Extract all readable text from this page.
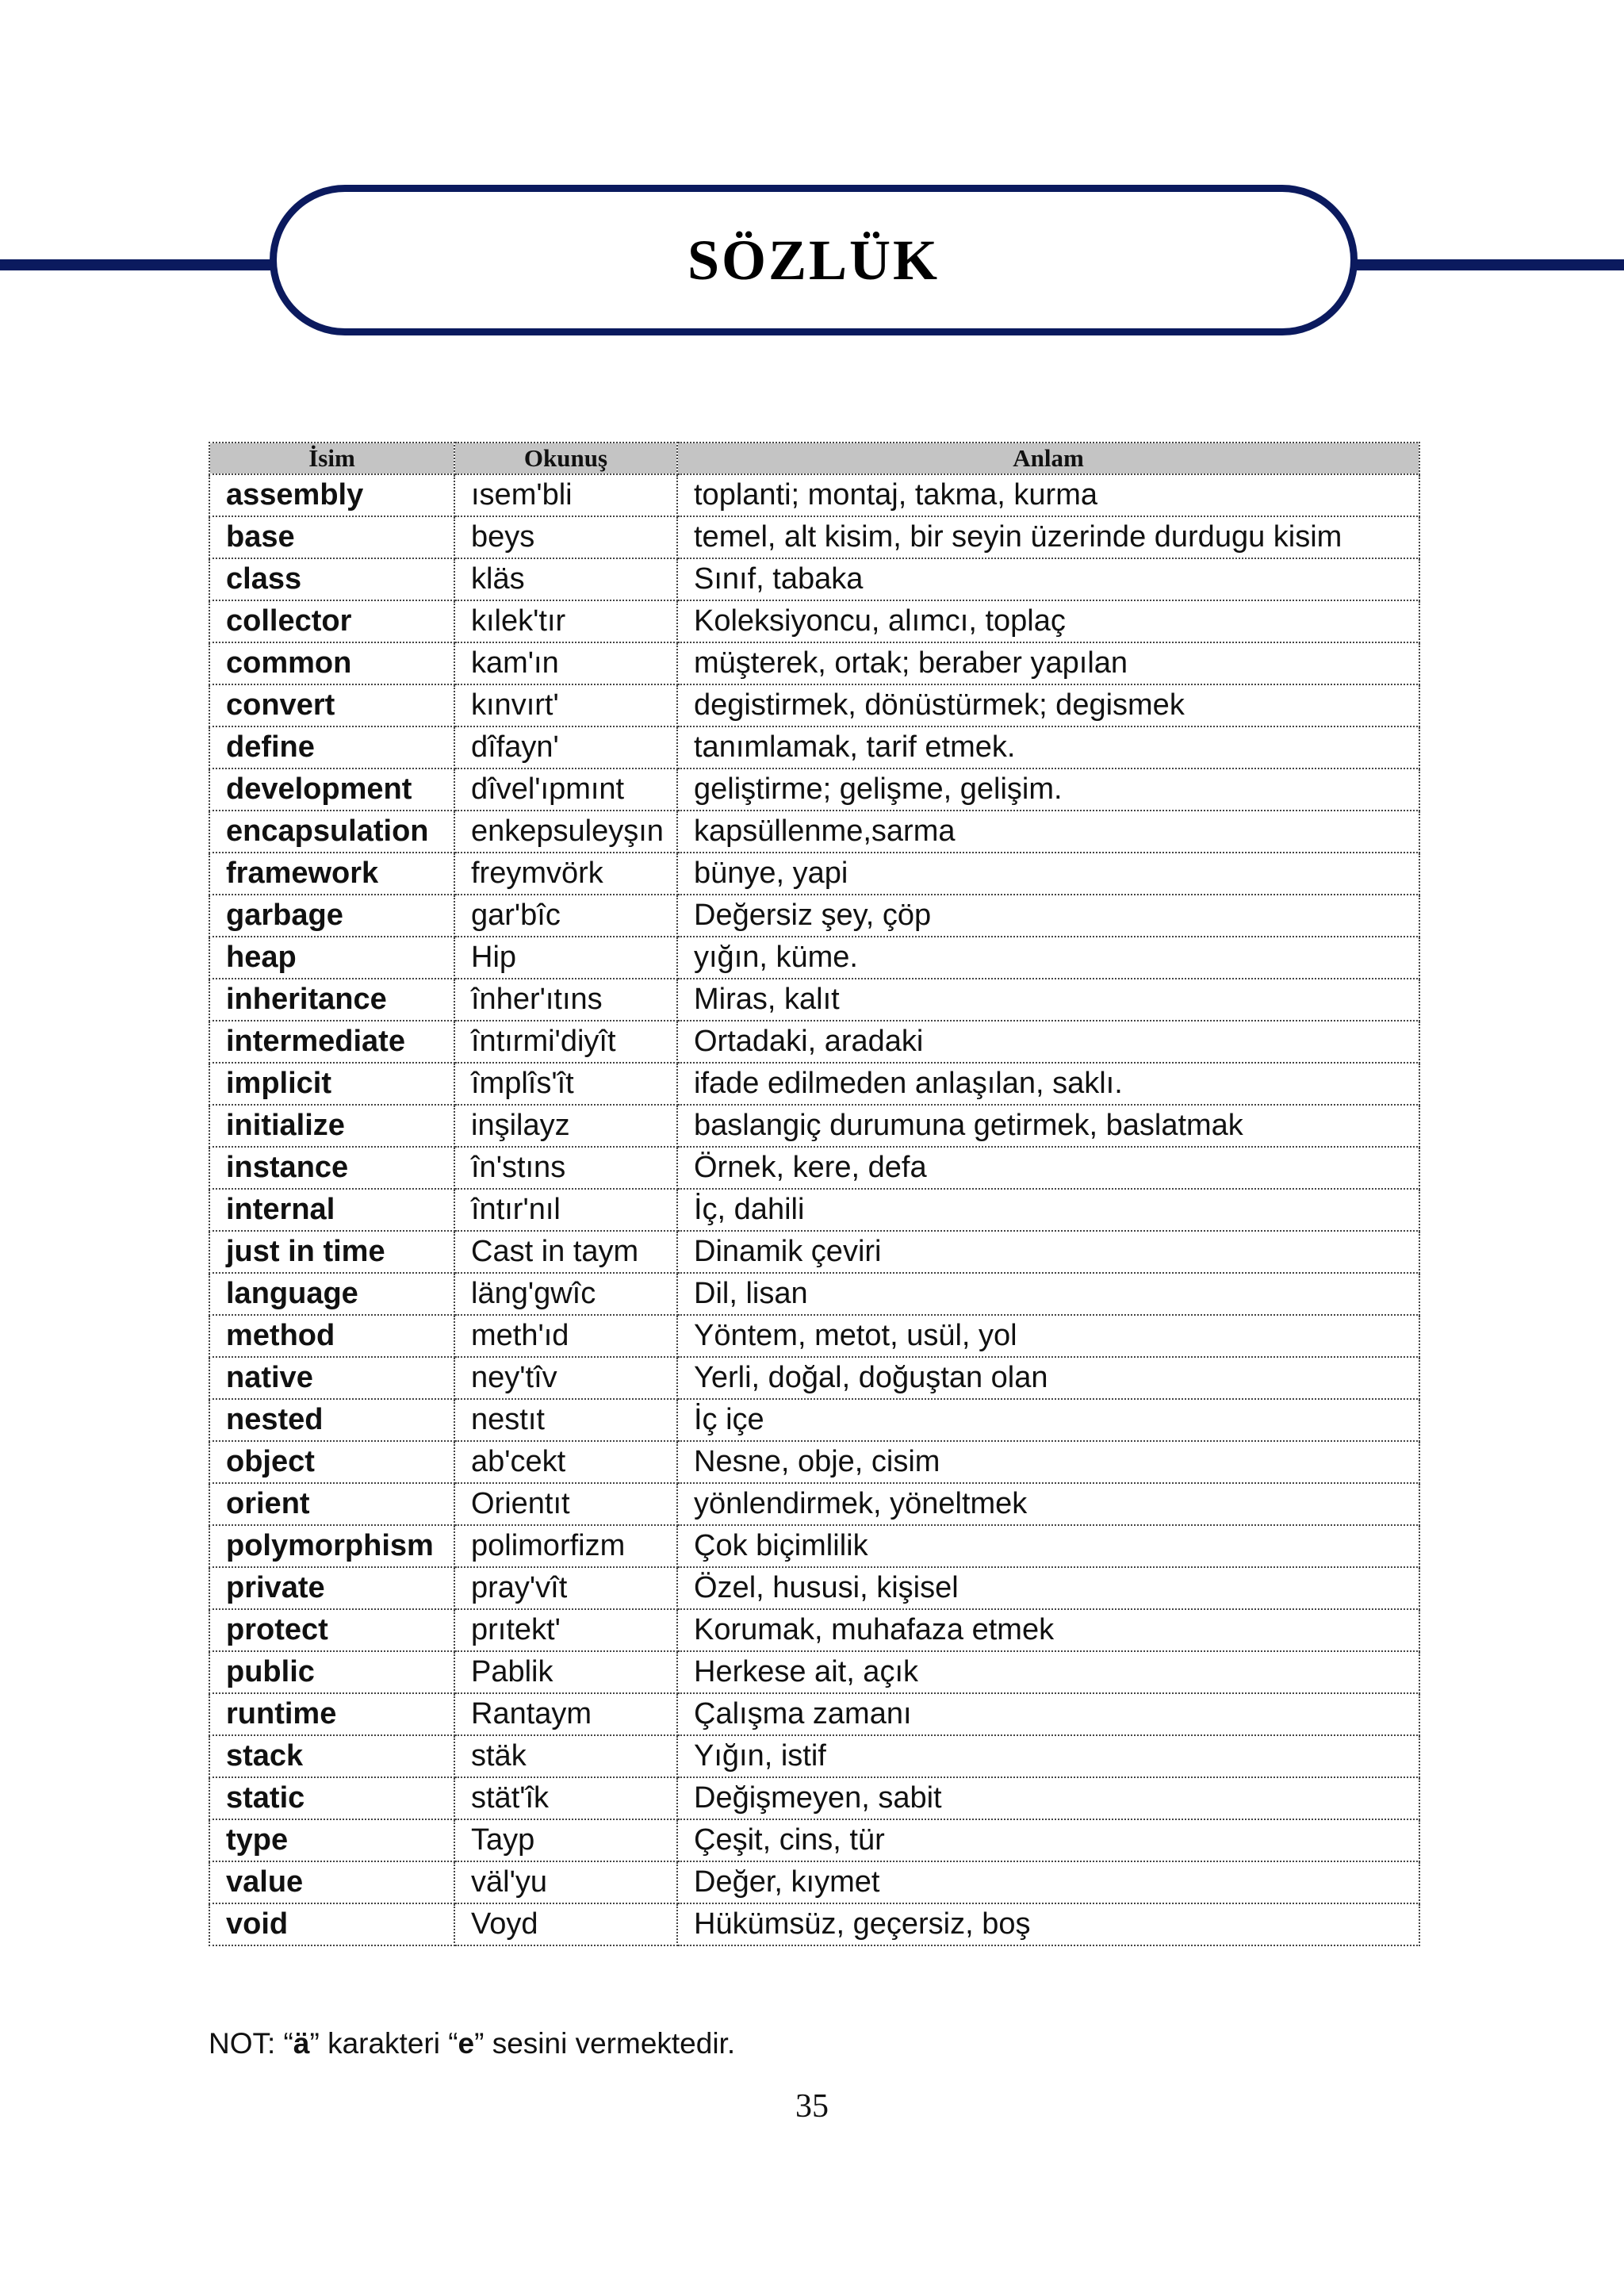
SÖZLÜK
İsim	Okunuş	Anlam
assembly	ısem'bli	toplanti; montaj, takma, kurma
base	beys	temel, alt kisim, bir seyin üzerinde durdugu kisim
class	kläs	Sınıf, tabaka
collector	kılek'tır	Koleksiyoncu, alımcı, toplaç
common	kam'ın	müşterek, ortak; beraber yapılan
convert	kınvırt'	degistirmek, dönüstürmek; degismek
define	dîfayn'	tanımlamak, tarif etmek.
development	dîvel'ıpmınt	geliştirme; gelişme, gelişim.
encapsulation	enkepsuleyşın	kapsüllenme,sarma
framework	freymvörk	bünye, yapi
garbage	gar'bîc	Değersiz şey, çöp
heap	Hip	yığın, küme.
inheritance	înher'ıtıns	Miras, kalıt
intermediate	întırmi'diyît	Ortadaki, aradaki
implicit	împlîs'ît	ifade edilmeden anlaşılan, saklı.
initialize	inşilayz	baslangiç durumuna getirmek, baslatmak
instance	în'stıns	Örnek, kere, defa
internal	întır'nıl	İç, dahili
just in time	Cast in taym	Dinamik çeviri
language	läng'gwîc	Dil, lisan
method	meth'ıd	Yöntem, metot, usül, yol
native	ney'tîv	Yerli, doğal, doğuştan olan
nested	nestıt	İç içe
object	ab'cekt	Nesne, obje, cisim
orient	Orientıt	yönlendirmek, yöneltmek
polymorphism	polimorfizm	Çok biçimlilik
private	pray'vît	Özel, hususi, kişisel
protect	prıtekt'	Korumak, muhafaza etmek
public	Pablik	Herkese ait, açık
runtime	Rantaym	Çalışma zamanı
stack	stäk	Yığın, istif
static	stät'îk	Değişmeyen, sabit
type	Tayp	Çeşit, cins, tür
value	väl'yu	Değer, kıymet
void	Voyd	Hükümsüz, geçersiz, boş
NOT: “ä” karakteri “e” sesini vermektedir.
35
